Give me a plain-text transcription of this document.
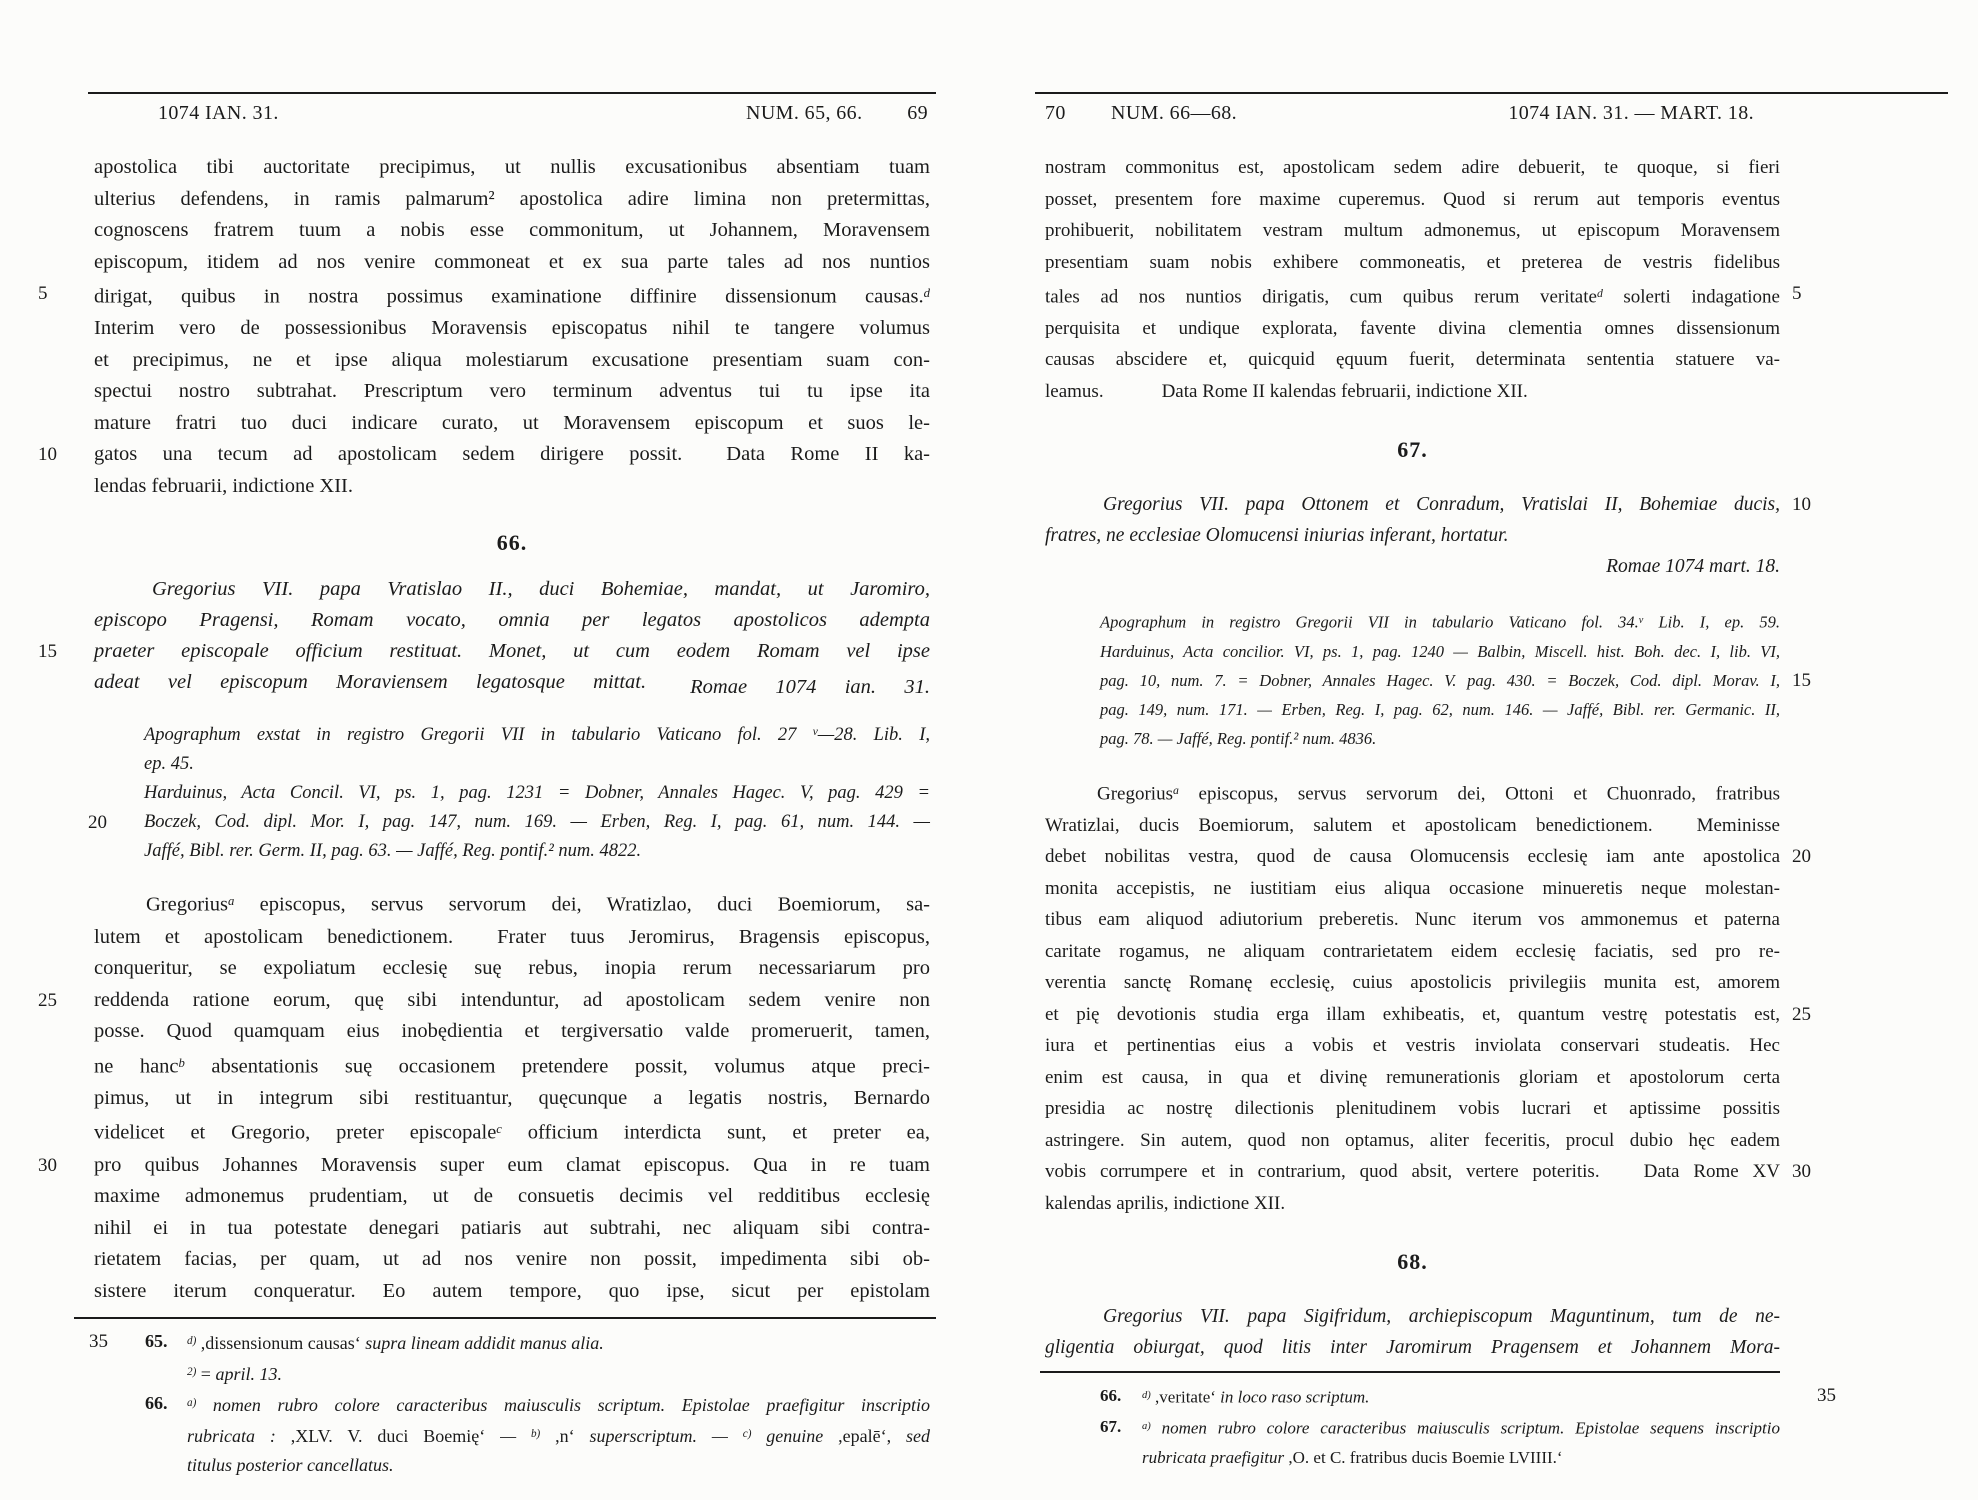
1074 IAN. 31.	NUM. 65, 66. 69
apostolica tibi auctoritate precipimus, ut nullis excusationibus absentiam tuam
ulterius defendens, in ramis palmarum² apostolica adire limina non pretermittas,
cognoscens fratrem tuum a nobis esse commonitum, ut Johannem, Moravensem
episcopum, itidem ad nos venire commoneat et ex sua parte tales ad nos nuntios
5	dirigat, quibus in nostra possimus examinatione diffinire dissensionum causas.$^d$
Interim vero de possessionibus Moravensis episcopatus nihil te tangere volumus
et precipimus, ne et ipse aliqua molestiarum excusatione presentiam suam con-
spectui nostro subtrahat. Prescriptum vero terminum adventus tui tu ipse ita
mature fratri tuo duci indicare curato, ut Moravensem episcopum et suos le-
10	gatos una tecum ad apostolicam sedem dirigere possit. Data Rome II ka-
lendas februarii, indictione XII.
66.
Gregorius VII. papa Vratislao II., duci Bohemiae, mandat, ut Jaromiro,
episcopo Pragensi, Romam vocato, omnia per legatos apostolicos adempta
15	praeter episcopale officium restituat. Monet, ut cum eodem Romam vel ipse
adeat vel episcopum Moraviensem legatosque mittat. Romae 1074 ian. 31.
Apographum exstat in registro Gregorii VII in tabulario Vaticano fol. 27 $^v$—28. Lib. I,
ep. 45.
Harduinus, Acta Concil. VI, ps. 1, pag. 1231 = Dobner, Annales Hagec. V, pag. 429 =
20	Boczek, Cod. dipl. Mor. I, pag. 147, num. 169. — Erben, Reg. I, pag. 61, num. 144. —
Jaffé, Bibl. rer. Germ. II, pag. 63. — Jaffé, Reg. pontif.² num. 4822.
Gregorius$^a$ episcopus, servus servorum dei, Wratizlao, duci Boemiorum, sa-
lutem et apostolicam benedictionem. Frater tuus Jeromirus, Bragensis episcopus,
conqueritur, se expoliatum ecclesię suę rebus, inopia rerum necessariarum pro
25	reddenda ratione eorum, quę sibi intenduntur, ad apostolicam sedem venire non
posse. Quod quamquam eius inobędientia et tergiversatio valde promeruerit, tamen,
ne hanc$^b$ absentationis suę occasionem pretendere possit, volumus atque preci-
pimus, ut in integrum sibi restituantur, quęcunque a legatis nostris, Bernardo
videlicet et Gregorio, preter episcopale$^c$ officium interdicta sunt, et preter ea,
30	pro quibus Johannes Moravensis super eum clamat episcopus. Qua in re tuam
maxime admonemus prudentiam, ut de consuetis decimis vel redditibus ecclesię
nihil ei in tua potestate denegari patiaris aut subtrahi, nec aliquam sibi contra-
rietatem facias, per quam, ut ad nos venire non possit, impedimenta sibi ob-
sistere iterum conqueratur. Eo autem tempore, quo ipse, sicut per epistolam
35	65. $^{d)}$ ,dissensionum causas‘ supra lineam addidit manus alia.
$^{2)}$ = april. 13.
66. $^{a)}$ nomen rubro colore caracteribus maiusculis scriptum. Epistolae praefigitur inscriptio
rubricata : ,XLV. V. duci Boemię‘ — $^{b)}$ ,n‘ superscriptum. — $^{c)}$ genuine ,epalē‘, sed
titulus posterior cancellatus.
70 NUM. 66—68.	1074 IAN. 31. — MART. 18.
nostram commonitus est, apostolicam sedem adire debuerit, te quoque, si fieri
posset, presentem fore maxime cuperemus. Quod si rerum aut temporis eventus
prohibuerit, nobilitatem vestram multum admonemus, ut episcopum Moravensem
presentiam suam nobis exhibere commoneatis, et preterea de vestris fidelibus
5
tales ad nos nuntios dirigatis, cum quibus rerum veritate$^d$ solerti indagatione
perquisita et undique explorata, favente divina clementia omnes dissensionum
causas abscidere et, quicquid ęquum fuerit, determinata sententia statuere va-
leamus.	Data Rome II kalendas februarii, indictione XII.
67.
10
Gregorius VII. papa Ottonem et Conradum, Vratislai II, Bohemiae ducis,
fratres, ne ecclesiae Olomucensi iniurias inferant, hortatur.
Romae 1074 mart. 18.
Apographum in registro Gregorii VII in tabulario Vaticano fol. 34.$^v$ Lib. I, ep. 59.
Harduinus, Acta concilior. VI, ps. 1, pag. 1240 — Balbin, Miscell. hist. Boh. dec. I, lib. VI,
15
pag. 10, num. 7. = Dobner, Annales Hagec. V. pag. 430. = Boczek, Cod. dipl. Morav. I,
pag. 149, num. 171. — Erben, Reg. I, pag. 62, num. 146. — Jaffé, Bibl. rer. Germanic. II,
pag. 78. — Jaffé, Reg. pontif.² num. 4836.
Gregorius$^a$ episcopus, servus servorum dei, Ottoni et Chuonrado, fratribus
Wratizlai, ducis Boemiorum, salutem et apostolicam benedictionem. Meminisse
20
debet nobilitas vestra, quod de causa Olomucensis ecclesię iam ante apostolica
monita accepistis, ne iustitiam eius aliqua occasione minueretis neque molestan-
tibus eam aliquod adiutorium preberetis. Nunc iterum vos ammonemus et paterna
caritate rogamus, ne aliquam contrarietatem eidem ecclesię faciatis, sed pro re-
verentia sanctę Romanę ecclesię, cuius apostolicis privilegiis munita est, amorem
25
et pię devotionis studia erga illam exhibeatis, et, quantum vestrę potestatis est,
iura et pertinentias eius a vobis et vestris inviolata conservari studeatis. Hec
enim est causa, in qua et divinę remunerationis gloriam et apostolorum certa
presidia ac nostrę dilectionis plenitudinem vobis lucrari et aptissime possitis
astringere. Sin autem, quod non optamus, aliter feceritis, procul dubio hęc eadem
30
vobis corrumpere et in contrarium, quod absit, vertere poteritis. Data Rome XV
kalendas aprilis, indictione XII.
68.
Gregorius VII. papa Sigifridum, archiepiscopum Maguntinum, tum de ne-
gligentia obiurgat, quod litis inter Jaromirum Pragensem et Johannem Mora-
35
66. $^{d)}$ ,veritate‘ in loco raso scriptum.
67. $^{a)}$ nomen rubro colore caracteribus maiusculis scriptum. Epistolae sequens inscriptio
rubricata praefigitur ,O. et C. fratribus ducis Boemie LVIIII.‘
